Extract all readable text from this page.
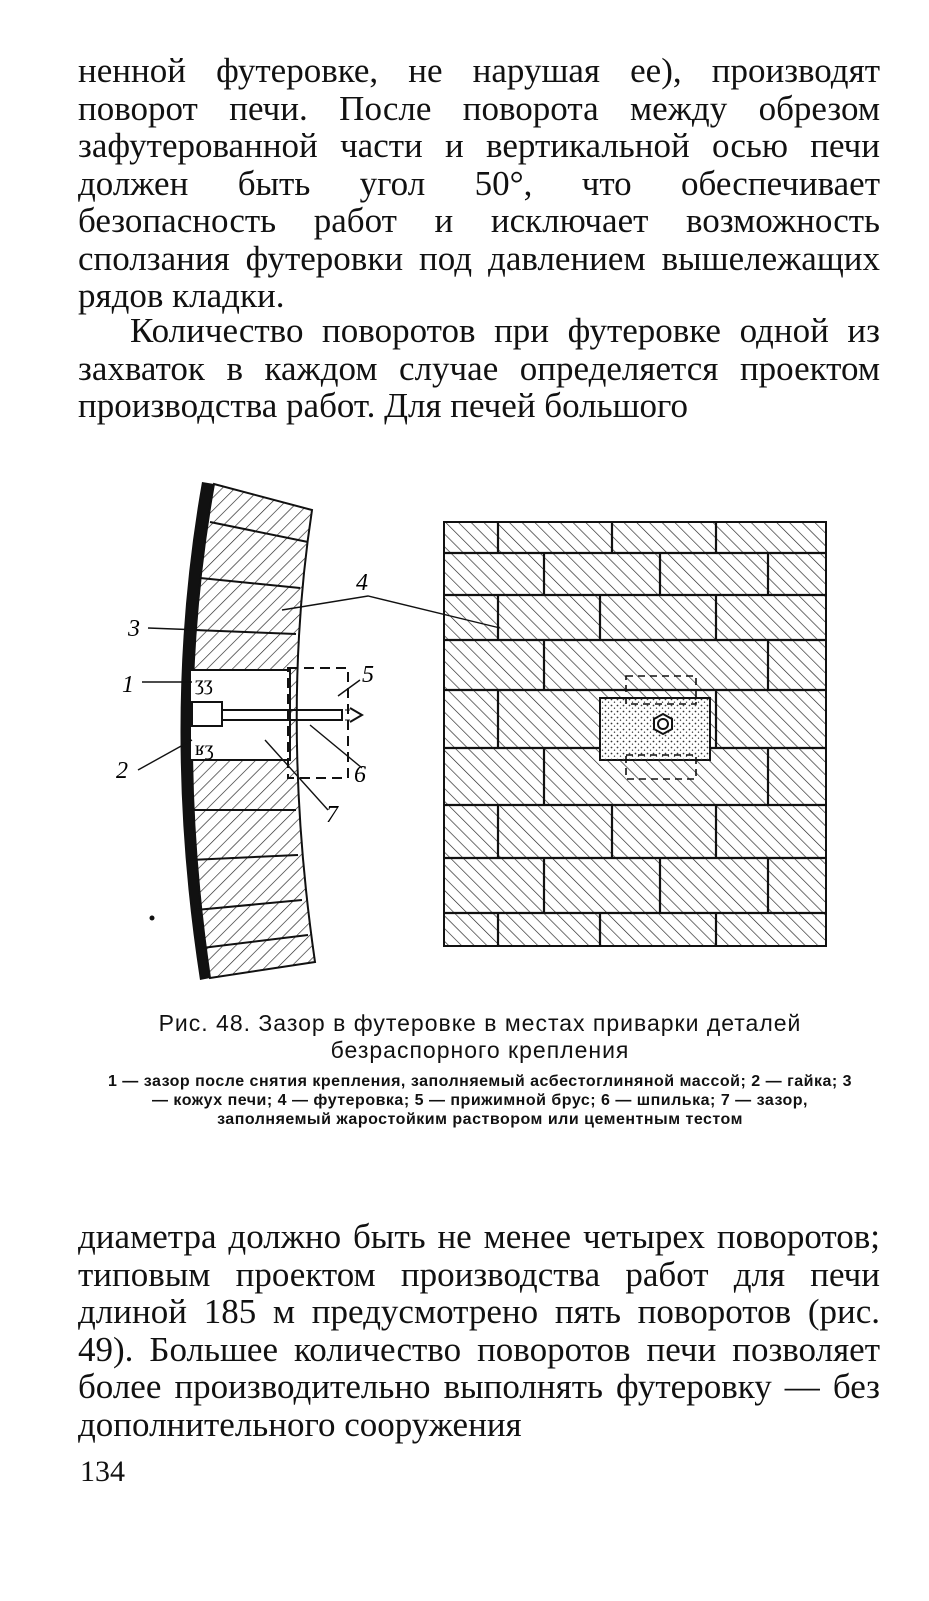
ненной футеровке, не нарушая ее), производят поворот печи. После поворота между обрезом зафутерованной части и вертикальной осью печи должен быть угол 50°, что обеспечивает безопасность работ и исключает возможность сползания футеровки под давлением вышележащих рядов кладки.

Количество поворотов при футеровке одной из захваток в каждом случае определяется проектом производства работ. Для печей большого

ʒʒ
ʁʒ
3
1
2
4
5
6
7
Рис. 48. Зазор в футеровке в местах приварки деталей безраспорного крепления
1 — зазор после снятия крепления, заполняемый асбестоглиняной массой; 2 — гайка; 3 — кожух печи; 4 — футеровка; 5 — прижимной брус; 6 — шпилька; 7 — зазор, заполняемый жаростойким раствором или цементным тестом

диаметра должно быть не менее четырех поворотов; типовым проектом производства работ для печи длиной 185 м предусмотрено пять поворотов (рис. 49). Большее количество поворотов печи позволяет более производительно выполнять футеровку — без дополнительного сооружения

134
